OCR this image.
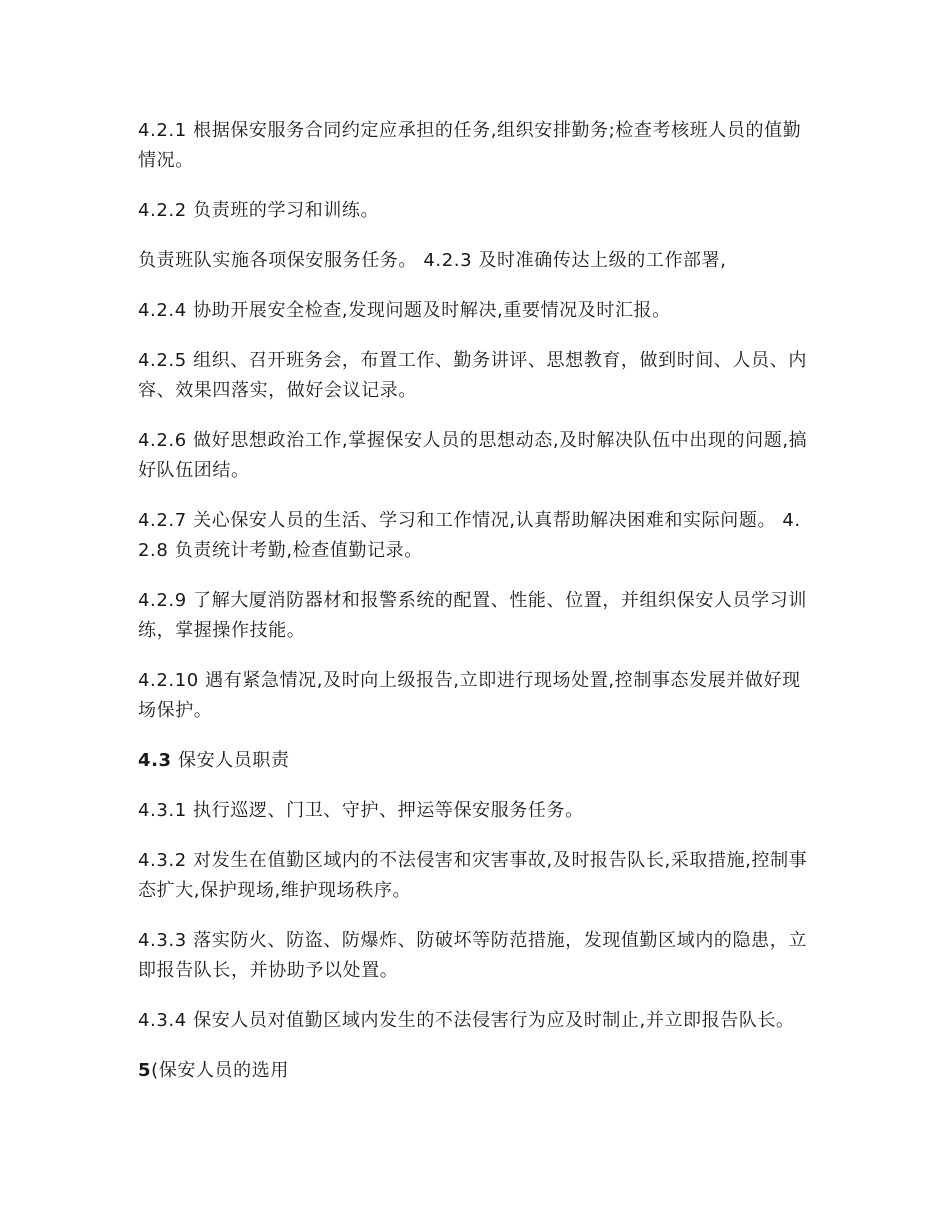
4.2.1 根据保安服务合同约定应承担的任务,组织安排勤务;检查考核班人员的值勤情况。

4.2.2 负责班的学习和训练。

负责班队实施各项保安服务任务。 4.2.3 及时准确传达上级的工作部署,

4.2.4 协助开展安全检查,发现问题及时解决,重要情况及时汇报。

4.2.5 组织、召开班务会，布置工作、勤务讲评、思想教育，做到时间、人员、内容、效果四落实，做好会议记录。

4.2.6 做好思想政治工作,掌握保安人员的思想动态,及时解决队伍中出现的问题,搞好队伍团结。

4.2.7 关心保安人员的生活、学习和工作情况,认真帮助解决困难和实际问题。 4.2.8 负责统计考勤,检查值勤记录。

4.2.9 了解大厦消防器材和报警系统的配置、性能、位置，并组织保安人员学习训练，掌握操作技能。

4.2.10 遇有紧急情况,及时向上级报告,立即进行现场处置,控制事态发展并做好现场保护。

4.3 保安人员职责

4.3.1 执行巡逻、门卫、守护、押运等保安服务任务。

4.3.2 对发生在值勤区域内的不法侵害和灾害事故,及时报告队长,采取措施,控制事态扩大,保护现场,维护现场秩序。

4.3.3 落实防火、防盗、防爆炸、防破坏等防范措施，发现值勤区域内的隐患，立即报告队长，并协助予以处置。

4.3.4 保安人员对值勤区域内发生的不法侵害行为应及时制止,并立即报告队长。

5(保安人员的选用
